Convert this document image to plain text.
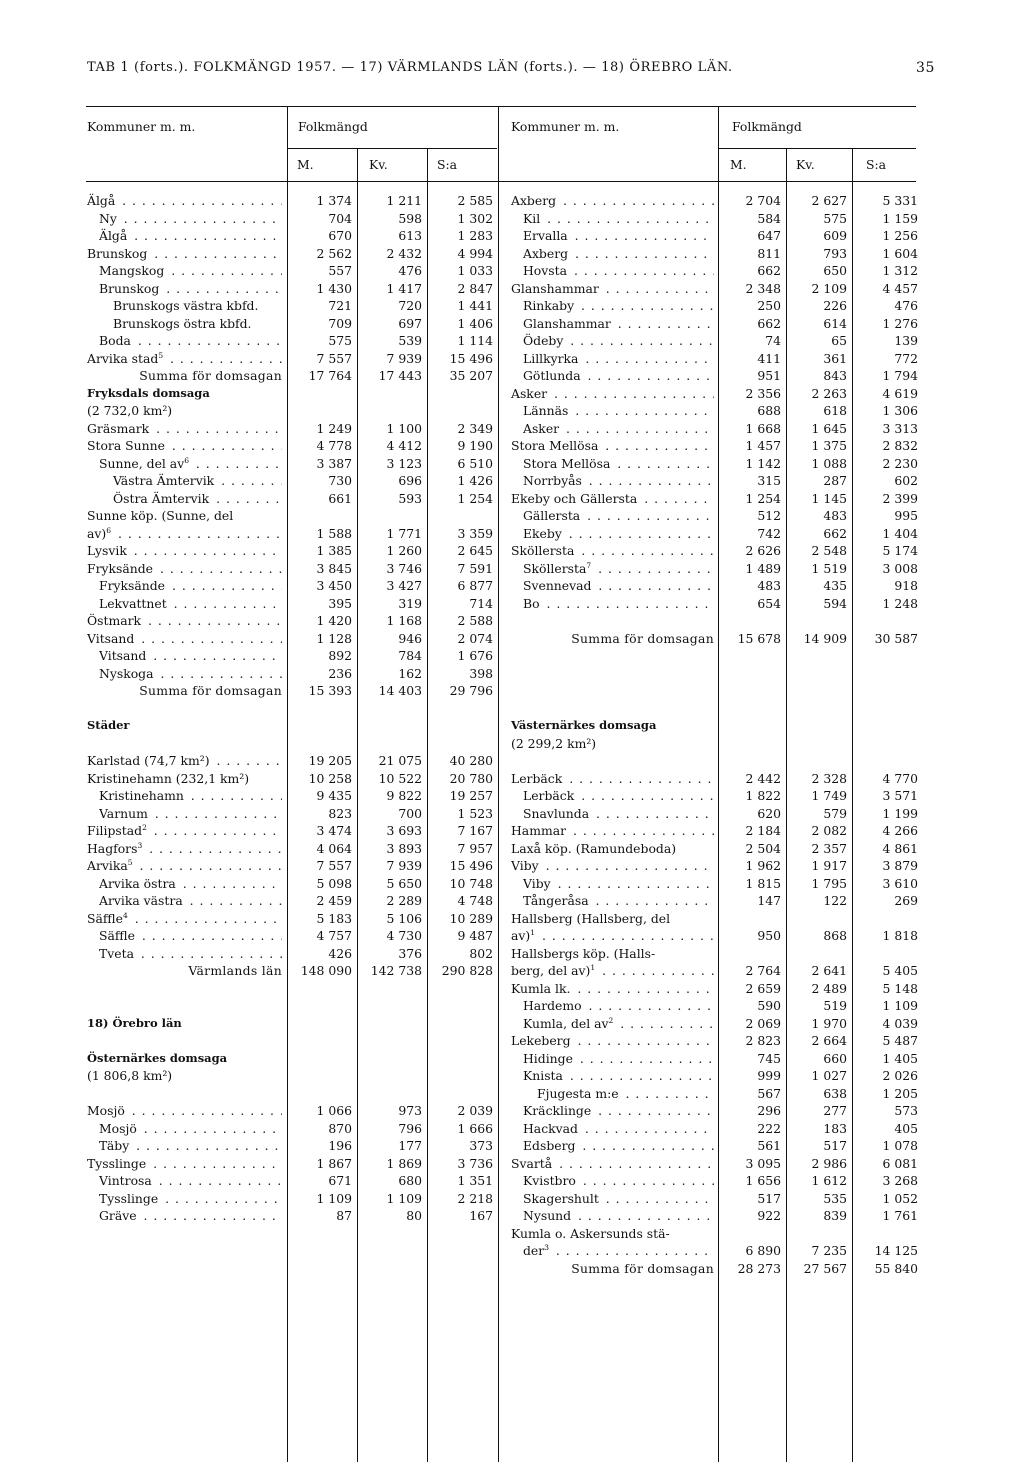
TAB 1 (forts.). FOLKMÄNGD 1957. — 17) VÄRMLANDS LÄN (forts.). — 18) ÖREBRO LÄN.	35
Kommuner m. m.	Folkmängd
M.	Kv.	S:a
Kommuner m. m.	Folkmängd
M.	Kv.	S:a
Älgå . . .	1 374	1 211	2 585
Ny . . .	704	598	1 302
Älgå . . .	670	613	1 283
Brunskog . . .	2 562	2 432	4 994
Mangskog . . .	557	476	1 033
Brunskog . . .	1 430	1 417	2 847
Brunskogs västra kbfd.	721	720	1 441
Brunskogs östra kbfd.	709	697	1 406
Boda . . .	575	539	1 114
Arvika stad$^5$ . . .	7 557	7 939	15 496
Summa för domsagan	17 764	17 443	35 207
Fryksdals domsaga
(2 732,0 km²)
Gräsmark . . .	1 249	1 100	2 349
Stora Sunne . . .	4 778	4 412	9 190
Sunne, del $av^6$ . . .	3 387	3 123	6 510
Västra Ämtervik . . .	730	696	1 426
Östra Ämtervik . . .	661	593	1 254
Sunne köp. (Sunne, del
av)$^6$ . . .	1 588	1 771	3 359
Lysvik . . .	1 385	1 260	2 645
Fryksände . . .	3 845	3 746	7 591
Fryksände . . .	3 450	3 427	6 877
Lekvattnet . . .	395	319	714
Östmark . . .	1 420	1 168	2 588
Vitsand . . .	1 128	946	2 074
Vitsand . . .	892	784	1 676
Nyskoga . . .	236	162	398
Summa för domsagan	15 393	14 403	29 796
Städer
Karlstad (74,7 km²) . . .	19 205	21 075	40 280
Kristinehamn (232,1 km²)	10 258	10 522	20 780
Kristinehamn . . .	9 435	9 822	19 257
Varnum . . .	823	700	1 523
Filipstad$^2$ . . .	3 474	3 693	7 167
Hagfors$^3$ . . .	4 064	3 893	7 957
Arvika$^5$ . . .	7 557	7 939	15 496
Arvika östra . . .	5 098	5 650	10 748
Arvika västra . . .	2 459	2 289	4 748
Säffle$^4$ . . .	5 183	5 106	10 289
Säffle . . .	4 757	4 730	9 487
Tveta . . .	426	376	802
Värmlands län	148 090	142 738	290 828
18) Örebro län
Östernärkes domsaga
(1 806,8 km²)
Mosjö . . .	1 066	973	2 039
Mosjö . . .	870	796	1 666
Täby . . .	196	177	373
Tysslinge . . .	1 867	1 869	3 736
Vintrosa . . .	671	680	1 351
Tysslinge . . .	1 109	1 109	2 218
Gräve . . .	87	80	167
Axberg . . .	2 704	2 627	5 331
Kil . . .	584	575	1 159
Ervalla . . .	647	609	1 256
Axberg . . .	811	793	1 604
Hovsta . . .	662	650	1 312
Glanshammar . . .	2 348	2 109	4 457
Rinkaby . . .	250	226	476
Glanshammar . . .	662	614	1 276
Ödeby . . .	74	65	139
Lillkyrka . . .	411	361	772
Götlunda . . .	951	843	1 794
Asker . . .	2 356	2 263	4 619
Lännäs . . .	688	618	1 306
Asker . . .	1 668	1 645	3 313
Stora Mellösa . . .	1 457	1 375	2 832
Stora Mellösa . . .	1 142	1 088	2 230
Norrbyås . . .	315	287	602
Ekeby och Gällersta . . .	1 254	1 145	2 399
Gällersta . . .	512	483	995
Ekeby . . .	742	662	1 404
Sköllersta . . .	2 626	2 548	5 174
Sköllersta$^7$ . . .	1 489	1 519	3 008
Svennevad . . .	483	435	918
Bo . . .	654	594	1 248
Summa för domsagan	15 678	14 909	30 587
Västernärkes domsaga
(2 299,2 km²)
Lerbäck . . .	2 442	2 328	4 770
Lerbäck . . .	1 822	1 749	3 571
Snavlunda . . .	620	579	1 199
Hammar . . .	2 184	2 082	4 266
Laxå köp. (Ramundeboda)	2 504	2 357	4 861
Viby . . .	1 962	1 917	3 879
Viby . . .	1 815	1 795	3 610
Tångeråsa . . .	147	122	269
Hallsberg (Hallsberg, del
av)$^1$ . . .	950	868	1 818
Hallsbergs köp. (Halls-
berg, del av)$^1$ . . .	2 764	2 641	5 405
Kumla lk. . . .	2 659	2 489	5 148
Hardemo . . .	590	519	1 109
Kumla, del $av^2$ . . .	2 069	1 970	4 039
Lekeberg . . .	2 823	2 664	5 487
Hidinge . . .	745	660	1 405
Knista . . .	999	1 027	2 026
Fjugesta m:e . . .	567	638	1 205
Kräcklinge . . .	296	277	573
Hackvad . . .	222	183	405
Edsberg . . .	561	517	1 078
Svartå . . .	3 095	2 986	6 081
Kvistbro . . .	1 656	1 612	3 268
Skagershult . . .	517	535	1 052
Nysund . . .	922	839	1 761
Kumla o. Askersunds stä-
der$^3$ . . .	6 890	7 235	14 125
Summa för domsagan	28 273	27 567	55 840
